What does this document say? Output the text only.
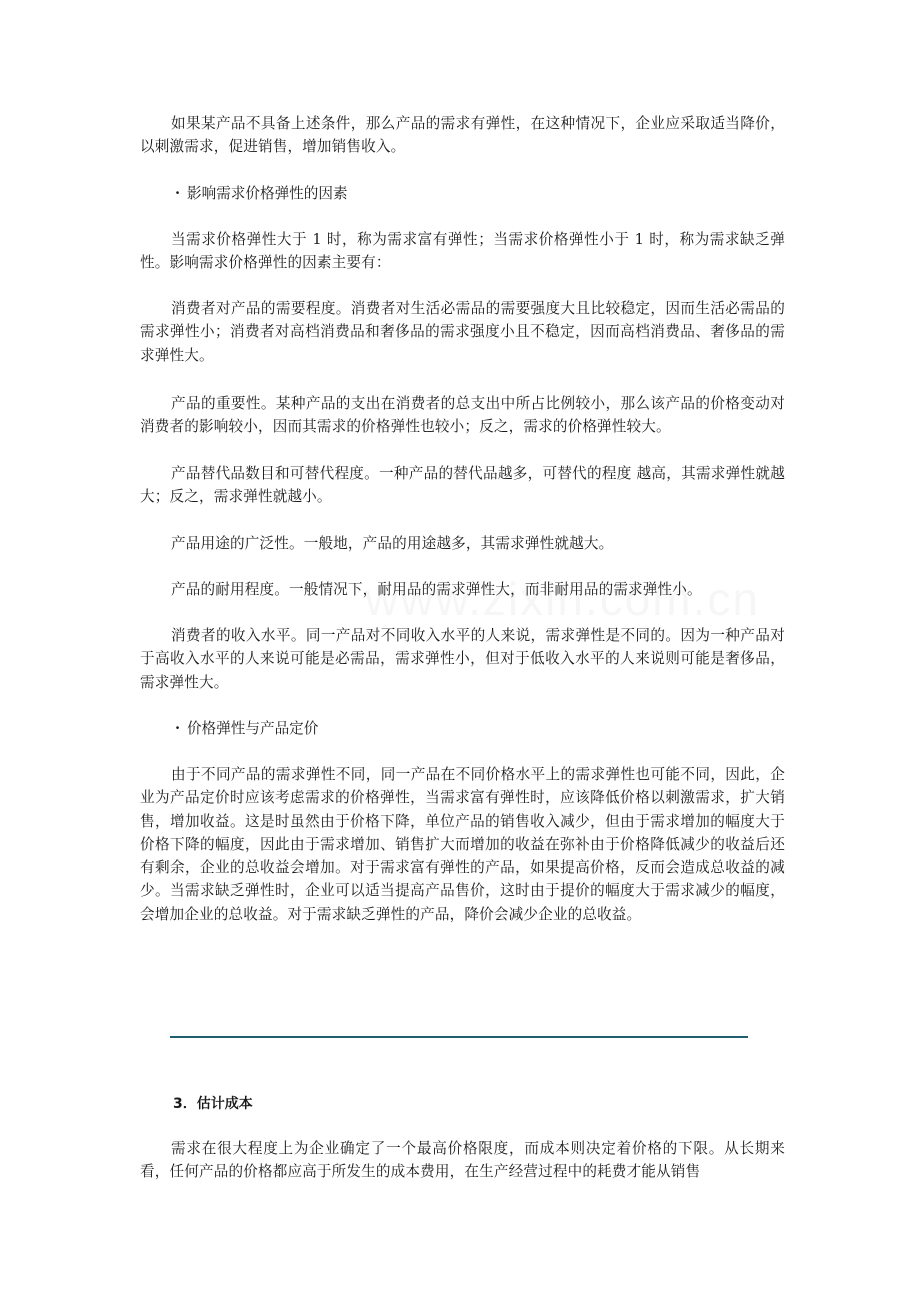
如果某产品不具备上述条件，那么产品的需求有弹性，在这种情况下，企业应采取适当降价，以刺激需求，促进销售，增加销售收入。

· 影响需求价格弹性的因素

当需求价格弹性大于 1 时，称为需求富有弹性；当需求价格弹性小于 1 时，称为需求缺乏弹性。影响需求价格弹性的因素主要有：

消费者对产品的需要程度。消费者对生活必需品的需要强度大且比较稳定，因而生活必需品的需求弹性小；消费者对高档消费品和奢侈品的需求强度小且不稳定，因而高档消费品、奢侈品的需求弹性大。

产品的重要性。某种产品的支出在消费者的总支出中所占比例较小，那么该产品的价格变动对消费者的影响较小，因而其需求的价格弹性也较小；反之，需求的价格弹性较大。

产品替代品数目和可替代程度。一种产品的替代品越多，可替代的程度 越高，其需求弹性就越大；反之，需求弹性就越小。

产品用途的广泛性。一般地，产品的用途越多，其需求弹性就越大。

产品的耐用程度。一般情况下，耐用品的需求弹性大，而非耐用品的需求弹性小。

消费者的收入水平。同一产品对不同收入水平的人来说，需求弹性是不同的。因为一种产品对于高收入水平的人来说可能是必需品，需求弹性小，但对于低收入水平的人来说则可能是奢侈品，需求弹性大。

· 价格弹性与产品定价

由于不同产品的需求弹性不同，同一产品在不同价格水平上的需求弹性也可能不同，因此，企业为产品定价时应该考虑需求的价格弹性，当需求富有弹性时，应该降低价格以刺激需求，扩大销售，增加收益。这是时虽然由于价格下降，单位产品的销售收入减少，但由于需求增加的幅度大于价格下降的幅度，因此由于需求增加、销售扩大而增加的收益在弥补由于价格降低减少的收益后还有剩余，企业的总收益会增加。对于需求富有弹性的产品，如果提高价格，反而会造成总收益的减少。当需求缺乏弹性时，企业可以适当提高产品售价，这时由于提价的幅度大于需求减少的幅度，会增加企业的总收益。对于需求缺乏弹性的产品，降价会减少企业的总收益。

3．估计成本

需求在很大程度上为企业确定了一个最高价格限度，而成本则决定着价格的下限。从长期来看，任何产品的价格都应高于所发生的成本费用，在生产经营过程中的耗费才能从销售
